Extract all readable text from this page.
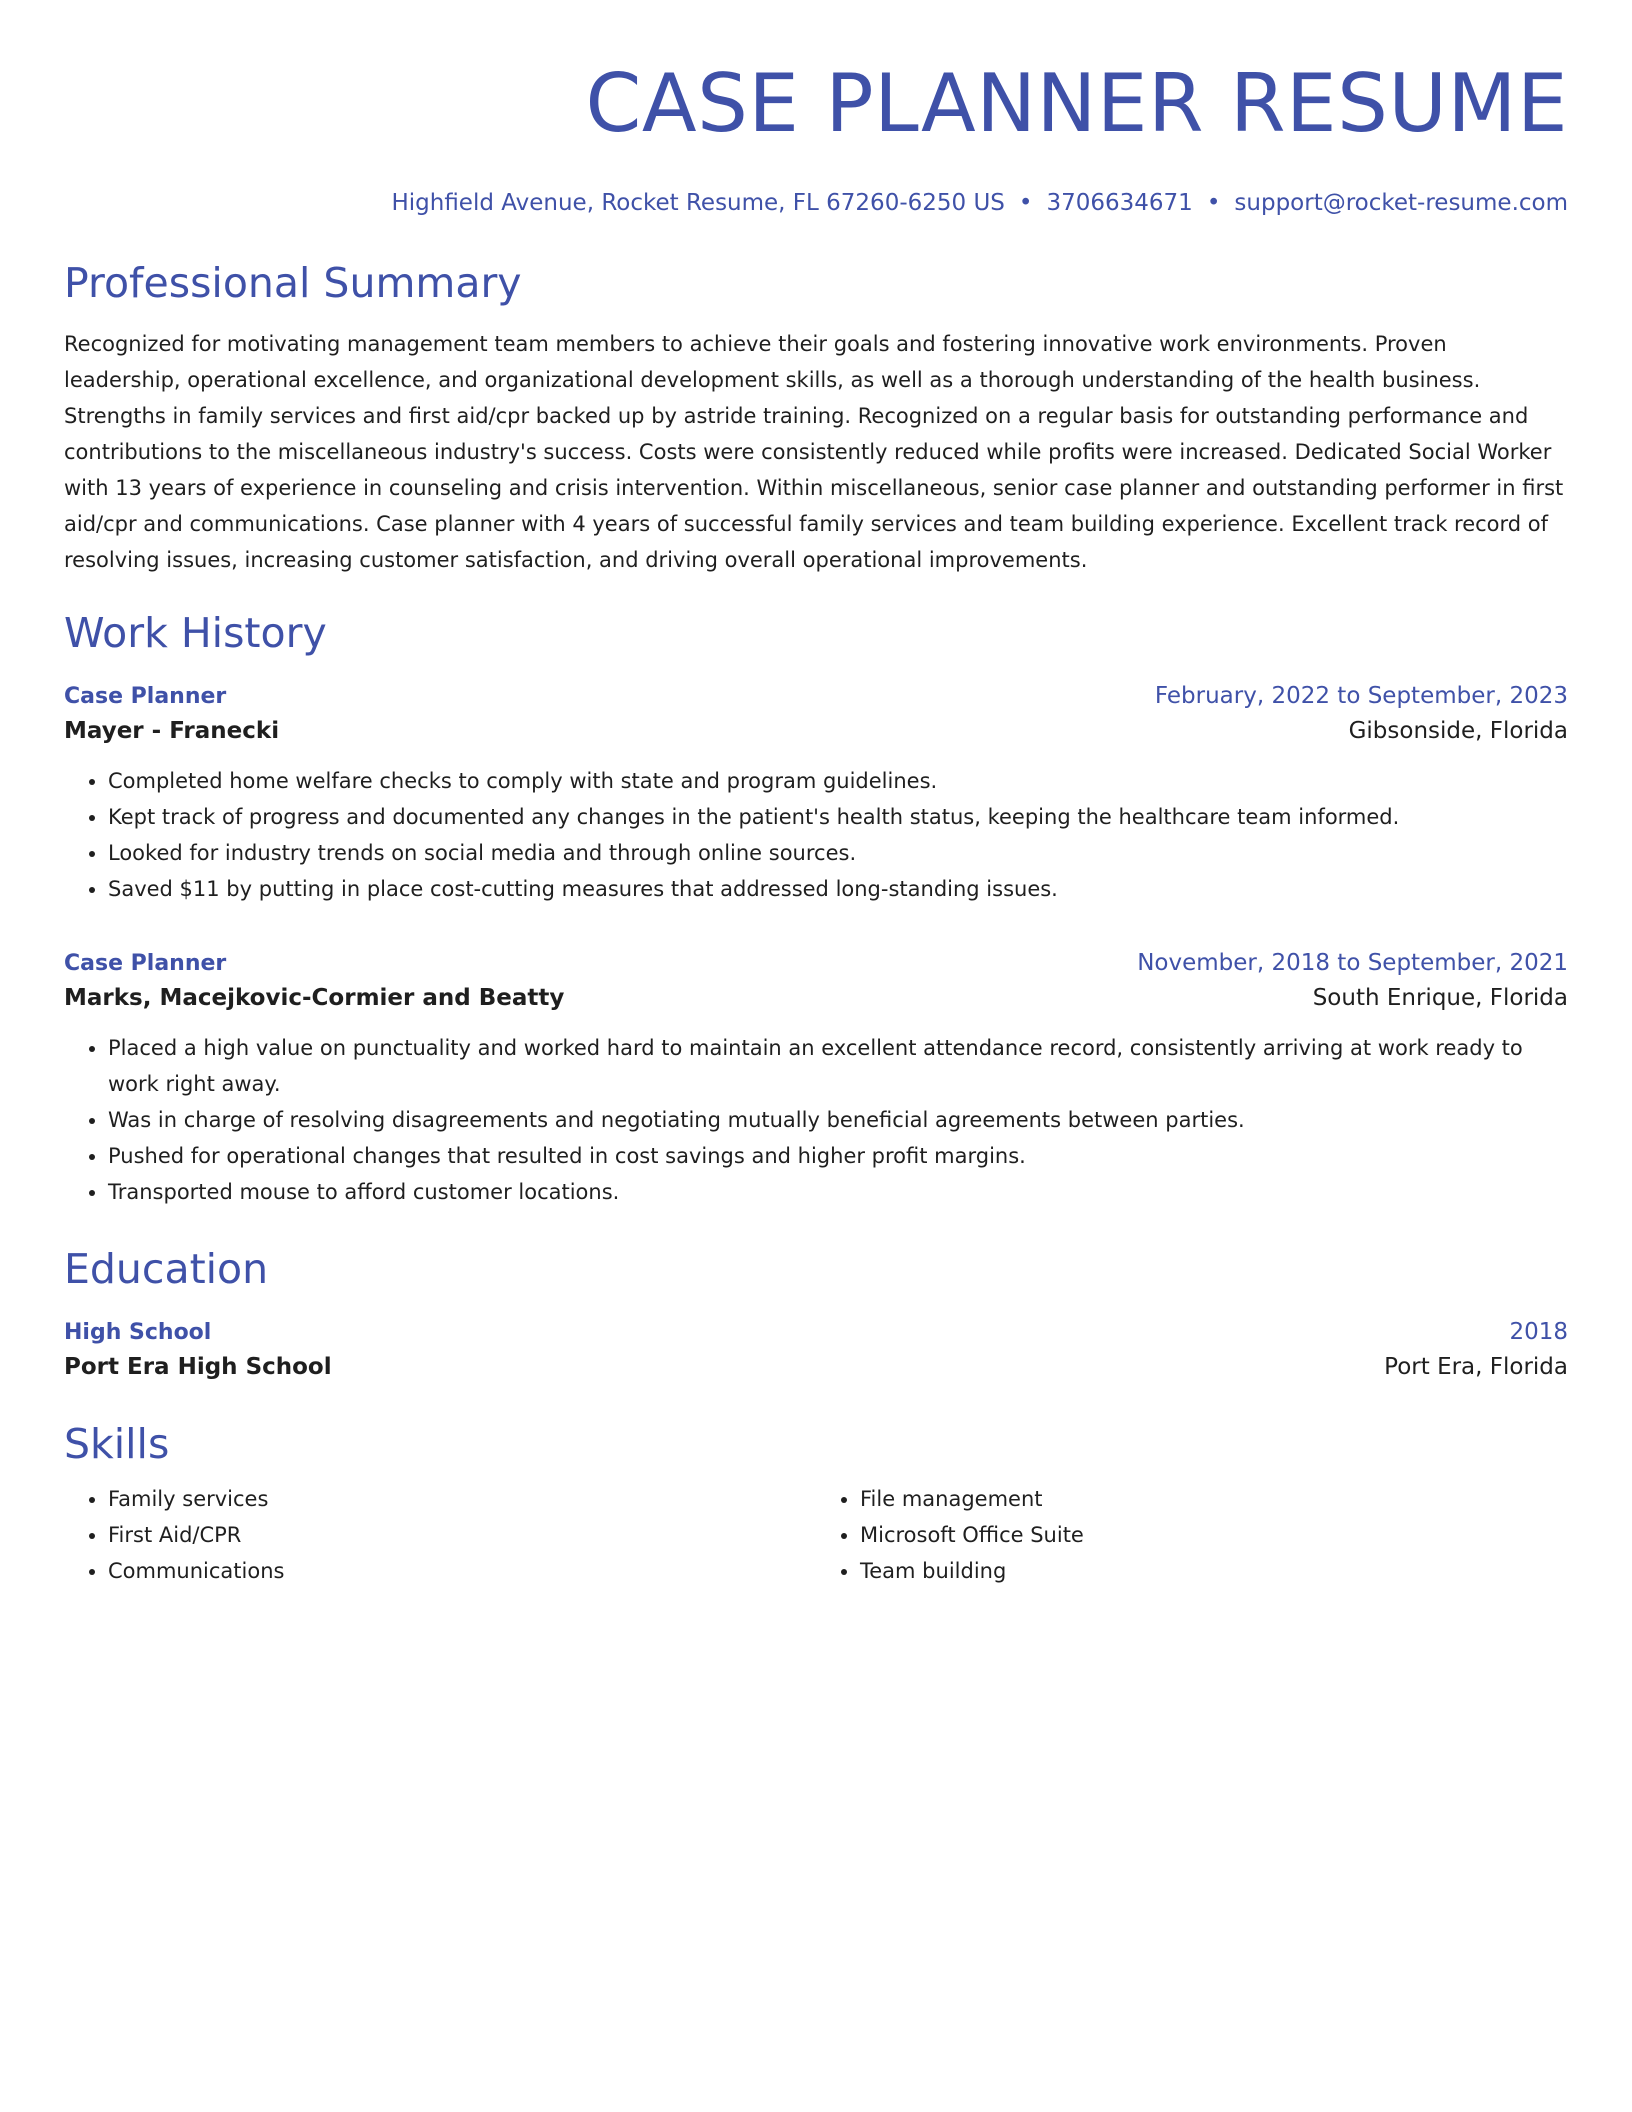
CASE PLANNER RESUME
Highfield Avenue, Rocket Resume, FL 67260-6250 US • 3706634671 • support@rocket-resume.com
Professional Summary
Recognized for motivating management team members to achieve their goals and fostering innovative work environments. Proven leadership, operational excellence, and organizational development skills, as well as a thorough understanding of the health business. Strengths in family services and first aid/cpr backed up by astride training. Recognized on a regular basis for outstanding performance and contributions to the miscellaneous industry's success. Costs were consistently reduced while profits were increased. Dedicated Social Worker with 13 years of experience in counseling and crisis intervention. Within miscellaneous, senior case planner and outstanding performer in first aid/cpr and communications. Case planner with 4 years of successful family services and team building experience. Excellent track record of resolving issues, increasing customer satisfaction, and driving overall operational improvements.
Work History
Case Planner	February, 2022 to September, 2023
Mayer - Franecki	Gibsonside, Florida
• Completed home welfare checks to comply with state and program guidelines.
• Kept track of progress and documented any changes in the patient's health status, keeping the healthcare team informed.
• Looked for industry trends on social media and through online sources.
• Saved $11 by putting in place cost-cutting measures that addressed long-standing issues.
Case Planner	November, 2018 to September, 2021
Marks, Macejkovic-Cormier and Beatty	South Enrique, Florida
• Placed a high value on punctuality and worked hard to maintain an excellent attendance record, consistently arriving at work ready to work right away.
• Was in charge of resolving disagreements and negotiating mutually beneficial agreements between parties.
• Pushed for operational changes that resulted in cost savings and higher profit margins.
• Transported mouse to afford customer locations.
Education
High School	2018
Port Era High School	Port Era, Florida
Skills
• Family services
• First Aid/CPR
• Communications
• File management
• Microsoft Office Suite
• Team building
